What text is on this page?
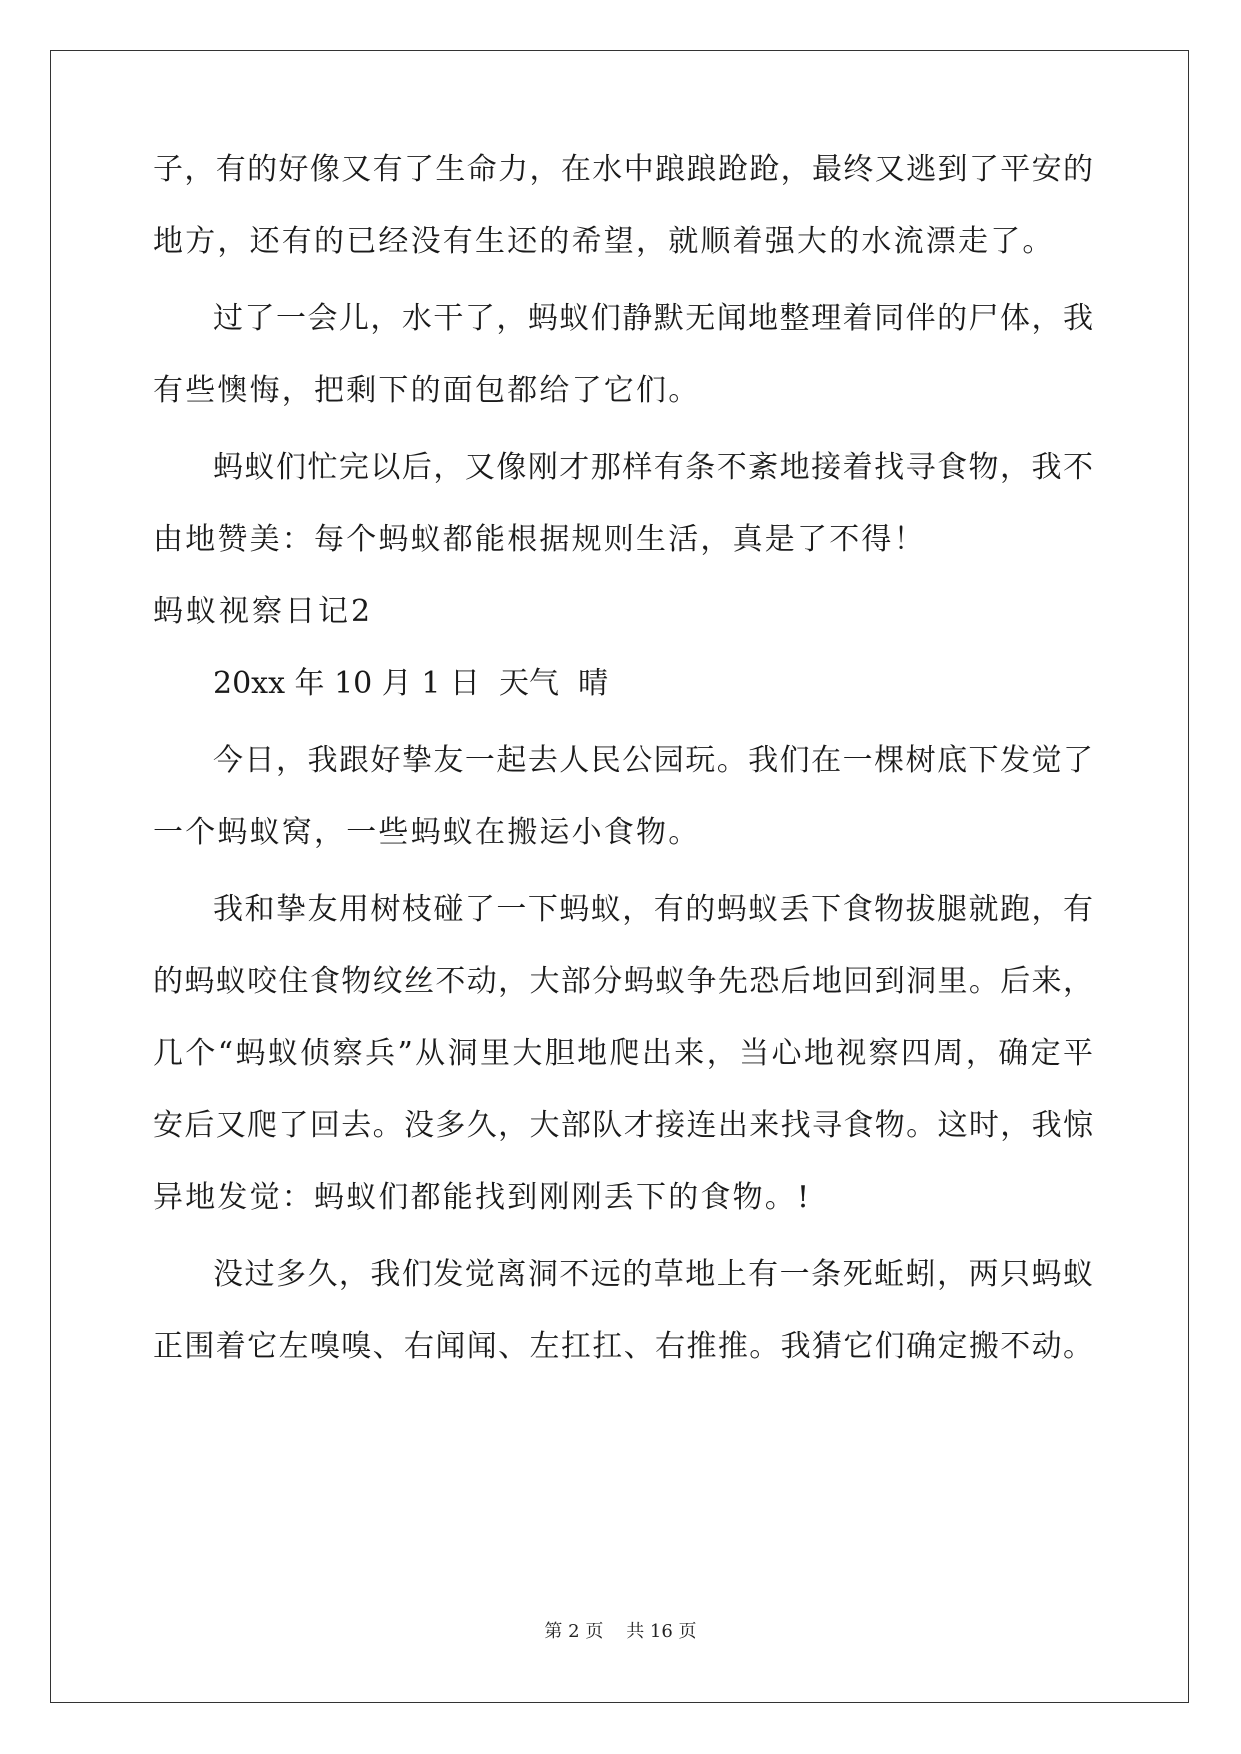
子，有的好像又有了生命力，在水中踉踉跄跄，最终又逃到了平安的
地方，还有的已经没有生还的希望，就顺着强大的水流漂走了。
过了一会儿，水干了，蚂蚁们静默无闻地整理着同伴的尸体，我
有些懊悔，把剩下的面包都给了它们。
蚂蚁们忙完以后，又像刚才那样有条不紊地接着找寻食物，我不
由地赞美：每个蚂蚁都能根据规则生活，真是了不得！
蚂蚁视察日记2
20xx 年 10 月 1 日  天气  晴
今日，我跟好挚友一起去人民公园玩。我们在一棵树底下发觉了
一个蚂蚁窝，一些蚂蚁在搬运小食物。
我和挚友用树枝碰了一下蚂蚁，有的蚂蚁丢下食物拔腿就跑，有
的蚂蚁咬住食物纹丝不动，大部分蚂蚁争先恐后地回到洞里。后来，
几个“蚂蚁侦察兵”从洞里大胆地爬出来，当心地视察四周，确定平
安后又爬了回去。没多久，大部队才接连出来找寻食物。这时，我惊
异地发觉：蚂蚁们都能找到刚刚丢下的食物。!
没过多久，我们发觉离洞不远的草地上有一条死蚯蚓，两只蚂蚁
正围着它左嗅嗅、右闻闻、左扛扛、右推推。我猜它们确定搬不动。
第 2 页    共 16 页
